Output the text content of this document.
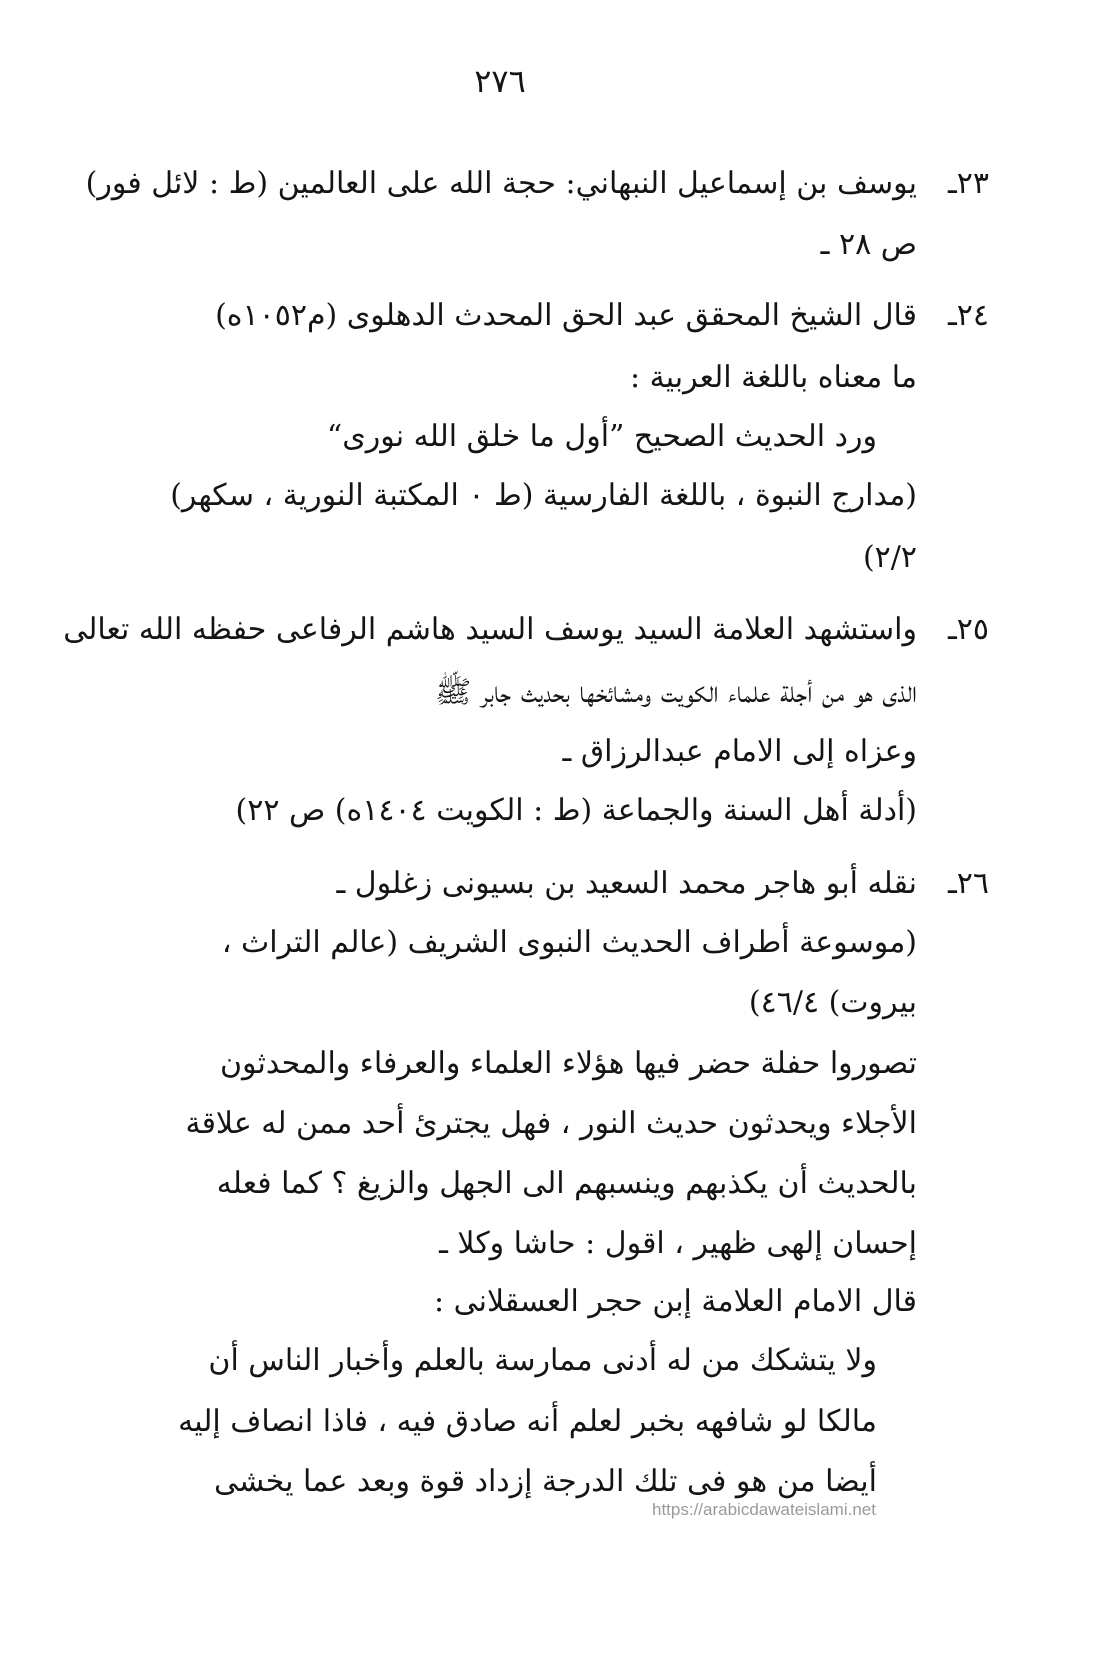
٢٧٦
٢٣ـ
يوسف بن إسماعيل النبهاني: حجة الله على العالمين (ط : لائل فور)
ص ٢٨ ـ
٢٤ـ
قال الشيخ المحقق عبد الحق المحدث الدهلوى (م١٠٥٢ه)
ما معناه باللغة العربية :
ورد الحديث الصحيح ”أول ما خلق الله نورى“
(مدارج النبوة ، باللغة الفارسية (ط ۰ المكتبة النورية ، سكهر)
٢/٢)
٢٥ـ
واستشهد العلامة السيد يوسف السيد هاشم الرفاعى حفظه الله تعالى
الذى هو من أجلة علماء الكويت ومشائخها بحديث جابر ﷺ
وعزاه إلى الامام عبدالرزاق ـ
(أدلة أهل السنة والجماعة (ط : الكويت ١٤٠٤ه) ص ٢٢)
٢٦ـ
نقله أبو هاجر محمد السعيد بن بسيونى زغلول ـ
(موسوعة أطراف الحديث النبوى الشريف (عالم التراث ،
بيروت) ٤٦/٤)
تصوروا حفلة حضر فيها هؤلاء العلماء والعرفاء والمحدثون
الأجلاء ويحدثون حديث النور ، فهل يجترئ أحد ممن له علاقة
بالحديث أن يكذبهم وينسبهم الى الجهل والزيغ ؟ كما فعله
إحسان إلهى ظهير ، اقول : حاشا وكلا ـ
قال الامام العلامة إبن حجر العسقلانى :
ولا يتشكك من له أدنى ممارسة بالعلم وأخبار الناس أن
مالكا لو شافهه بخبر لعلم أنه صادق فيه ، فاذا انصاف إليه
أيضا من هو فى تلك الدرجة إزداد قوة وبعد عما يخشى
https://arabicdawateislami.net
